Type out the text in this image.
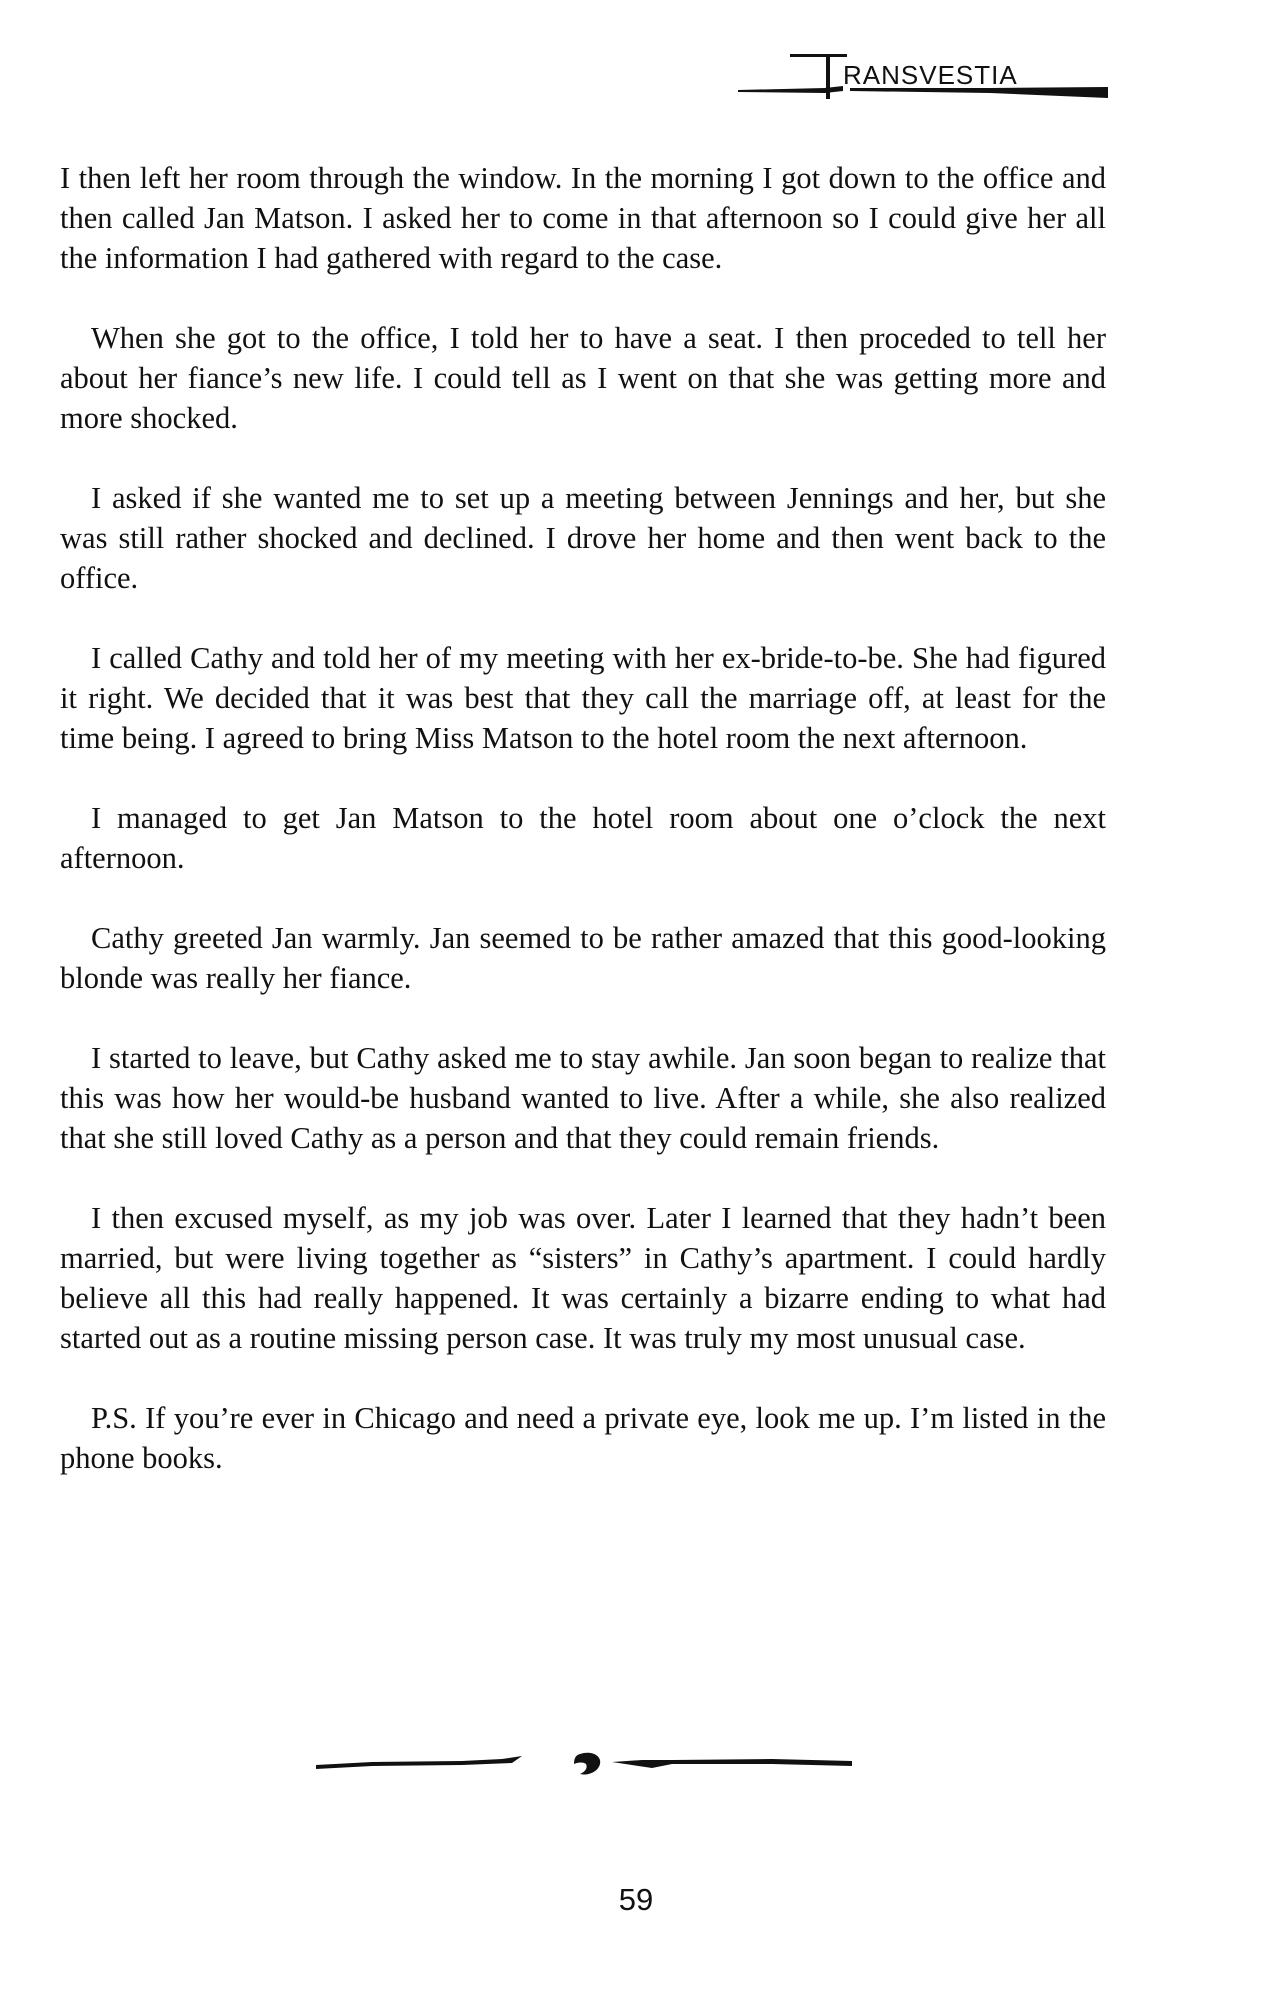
RANSVESTIA

I then left her room through the window. In the morning I got down to the office and then called Jan Matson. I asked her to come in that afternoon so I could give her all the information I had gathered with regard to the case.

When she got to the office, I told her to have a seat. I then proceded to tell her about her fiance’s new life. I could tell as I went on that she was getting more and more shocked.

I asked if she wanted me to set up a meeting between Jennings and her, but she was still rather shocked and declined. I drove her home and then went back to the office.

I called Cathy and told her of my meeting with her ex-bride-to-be. She had figured it right. We decided that it was best that they call the marriage off, at least for the time being. I agreed to bring Miss Matson to the hotel room the next afternoon.

I managed to get Jan Matson to the hotel room about one o’clock the next afternoon.

Cathy greeted Jan warmly. Jan seemed to be rather amazed that this good-looking blonde was really her fiance.

I started to leave, but Cathy asked me to stay awhile. Jan soon began to realize that this was how her would-be husband wanted to live. After a while, she also realized that she still loved Cathy as a person and that they could remain friends.

I then excused myself, as my job was over. Later I learned that they hadn’t been married, but were living together as “sisters” in Cathy’s apartment. I could hardly believe all this had really happened. It was certainly a bizarre ending to what had started out as a routine missing person case. It was truly my most unusual case.

P.S. If you’re ever in Chicago and need a private eye, look me up. I’m listed in the phone books.

59
